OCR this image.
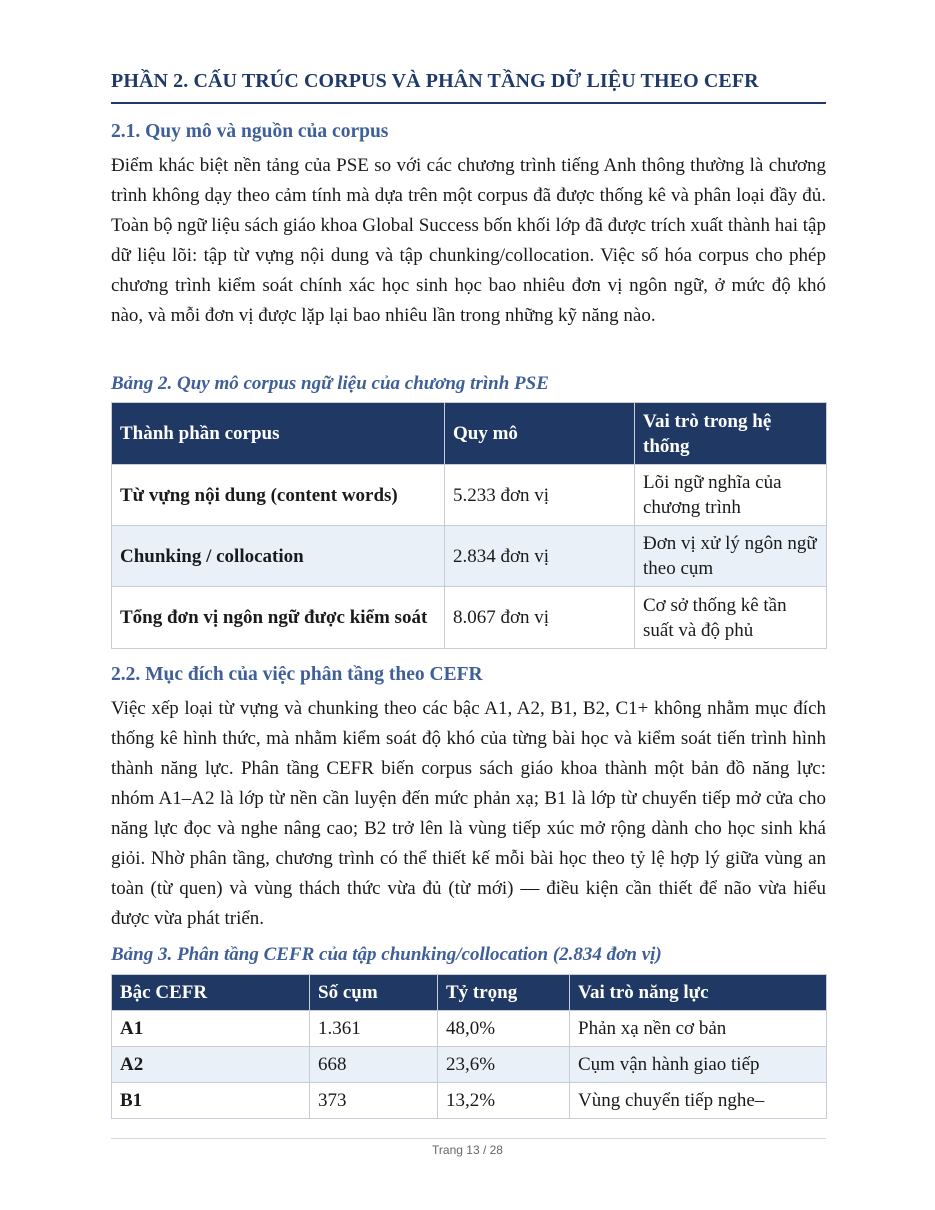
PHẦN 2. CẤU TRÚC CORPUS VÀ PHÂN TẦNG DỮ LIỆU THEO CEFR
2.1. Quy mô và nguồn của corpus

Điểm khác biệt nền tảng của PSE so với các chương trình tiếng Anh thông thường là chương trình không dạy theo cảm tính mà dựa trên một corpus đã được thống kê và phân loại đầy đủ. Toàn bộ ngữ liệu sách giáo khoa Global Success bốn khối lớp đã được trích xuất thành hai tập dữ liệu lõi: tập từ vựng nội dung và tập chunking/collocation. Việc số hóa corpus cho phép chương trình kiểm soát chính xác học sinh học bao nhiêu đơn vị ngôn ngữ, ở mức độ khó nào, và mỗi đơn vị được lặp lại bao nhiêu lần trong những kỹ năng nào.

Bảng 2. Quy mô corpus ngữ liệu của chương trình PSE

Thành phần corpus	Quy mô	Vai trò trong hệ thống
Từ vựng nội dung (content words)	5.233 đơn vị	Lõi ngữ nghĩa của chương trình
Chunking / collocation	2.834 đơn vị	Đơn vị xử lý ngôn ngữ theo cụm
Tổng đơn vị ngôn ngữ được kiểm soát	8.067 đơn vị	Cơ sở thống kê tần suất và độ phủ
2.2. Mục đích của việc phân tầng theo CEFR

Việc xếp loại từ vựng và chunking theo các bậc A1, A2, B1, B2, C1+ không nhằm mục đích thống kê hình thức, mà nhằm kiểm soát độ khó của từng bài học và kiểm soát tiến trình hình thành năng lực. Phân tầng CEFR biến corpus sách giáo khoa thành một bản đồ năng lực: nhóm A1–A2 là lớp từ nền cần luyện đến mức phản xạ; B1 là lớp từ chuyển tiếp mở cửa cho năng lực đọc và nghe nâng cao; B2 trở lên là vùng tiếp xúc mở rộng dành cho học sinh khá giỏi. Nhờ phân tầng, chương trình có thể thiết kế mỗi bài học theo tỷ lệ hợp lý giữa vùng an toàn (từ quen) và vùng thách thức vừa đủ (từ mới) — điều kiện cần thiết để não vừa hiểu được vừa phát triển.

Bảng 3. Phân tầng CEFR của tập chunking/collocation (2.834 đơn vị)

Bậc CEFR	Số cụm	Tỷ trọng	Vai trò năng lực
A1	1.361	48,0%	Phản xạ nền cơ bản
A2	668	23,6%	Cụm vận hành giao tiếp
B1	373	13,2%	Vùng chuyển tiếp nghe–
Trang 13 / 28
